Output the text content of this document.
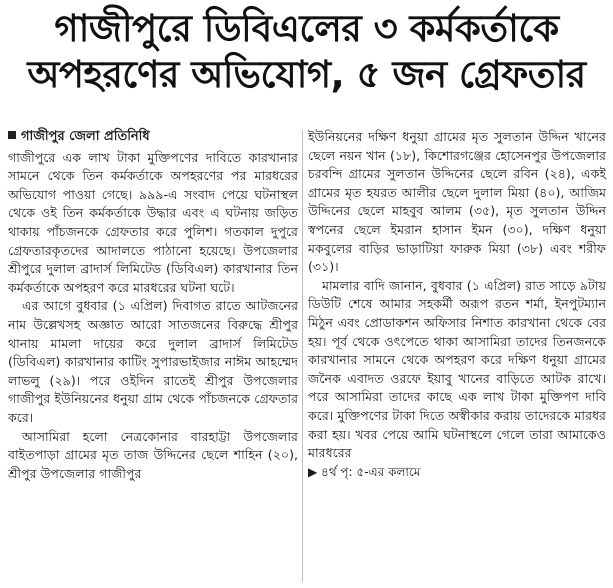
গাজীপুরে ডিবিএলের ৩ কর্মকর্তাকে
অপহরণের অভিযোগ, ৫ জন গ্রেফতার
গাজীপুর জেলা প্রতিনিধি

গাজীপুরে এক লাখ টাকা মুক্তিপণের দাবিতে কারখানার সামনে থেকে তিন কর্মকর্তাকে অপহরণের পর মারধরের অভিযোগ পাওয়া গেছে। ৯৯৯-এ সংবাদ পেয়ে ঘটনাস্থল থেকে ওই তিন কর্মকর্তাকে উদ্ধার এবং এ ঘটনায় জড়িত থাকায় পাঁচজনকে গ্রেফতার করে পুলিশ। গতকাল দুপুরে গ্রেফতারকৃতদের আদালতে পাঠানো হয়েছে। উপজেলার শ্রীপুরে দুলাল ব্রাদার্স লিমিটেড (ডিবিএল) কারখানার তিন কর্মকর্তাকে অপহরণ করে মারধরের ঘটনা ঘটে।

এর আগে বুধবার (১ এপ্রিল) দিবাগত রাতে আটজনের নাম উল্লেখসহ অজ্ঞাত আরো সাতজনের বিরুদ্ধে শ্রীপুর থানায় মামলা দায়ের করে দুলাল ব্রাদার্স লিমিটেড (ডিবিএল) কারখানার কাটিং সুপারভাইজার নাঈম আহম্মেদ লাভলু (২৯)। পরে ওইদিন রাতেই শ্রীপুর উপজেলার গাজীপুর ইউনিয়নের ধনুয়া গ্রাম থেকে পাঁচজনকে গ্রেফতার করে।

আসামিরা হলো নেত্রকোনার বারহাট্টা উপজেলার বাইতপাড়া গ্রামের মৃত তাজ উদ্দিনের ছেলে শাহিন (২০), শ্রীপুর উপজেলার গাজীপুর

ইউনিয়নের দক্ষিণ ধনুয়া গ্রামের মৃত সুলতান উদ্দিন খানের ছেলে নয়ন খান (১৮), কিশোরগঞ্জের হোসেনপুর উপজেলার চরবন্দি গ্রামের সুলতান উদ্দিনের ছেলে রবিন (২৪), একই গ্রামের মৃত হযরত আলীর ছেলে দুলাল মিয়া (৪০), আজিম উদ্দিনের ছেলে মাহবুব আলম (৩৫), মৃত সুলতান উদ্দিন স্বপনের ছেলে ইমরান হাসান ইমন (৩০), দক্ষিণ ধনুয়া মকবুলের বাড়ির ভাড়াটিয়া ফারুক মিয়া (৩৮) এবং শরীফ (৩১)।

মামলার বাদি জানান, বুধবার (১ এপ্রিল) রাত সাড়ে ৯টায় ডিউটি শেষে আমার সহকর্মী অরূপ রতন শর্মা, ইনপুটম্যান মিঠুন এবং প্রোডাকশন অফিসার নিশাত কারখানা থেকে বের হয়। পূর্ব থেকে ওৎপেতে থাকা আসামিরা তাদের তিনজনকে কারখানার সামনে থেকে অপহরণ করে দক্ষিণ ধনুয়া গ্রামের জনৈক এবাদত ওরফে ইয়াবু খানের বাড়িতে আটক রাখে। পরে আসামিরা তাদের কাছে এক লাখ টাকা মুক্তিপণ দাবি করে। মুক্তিপণের টাকা দিতে অস্বীকার করায় তাদেরকে মারধর করা হয়। খবর পেয়ে আমি ঘটনাস্থলে গেলে তারা আমাকেও মারধরের

▶ ৪র্থ পৃ: ৫-এর কলামে
